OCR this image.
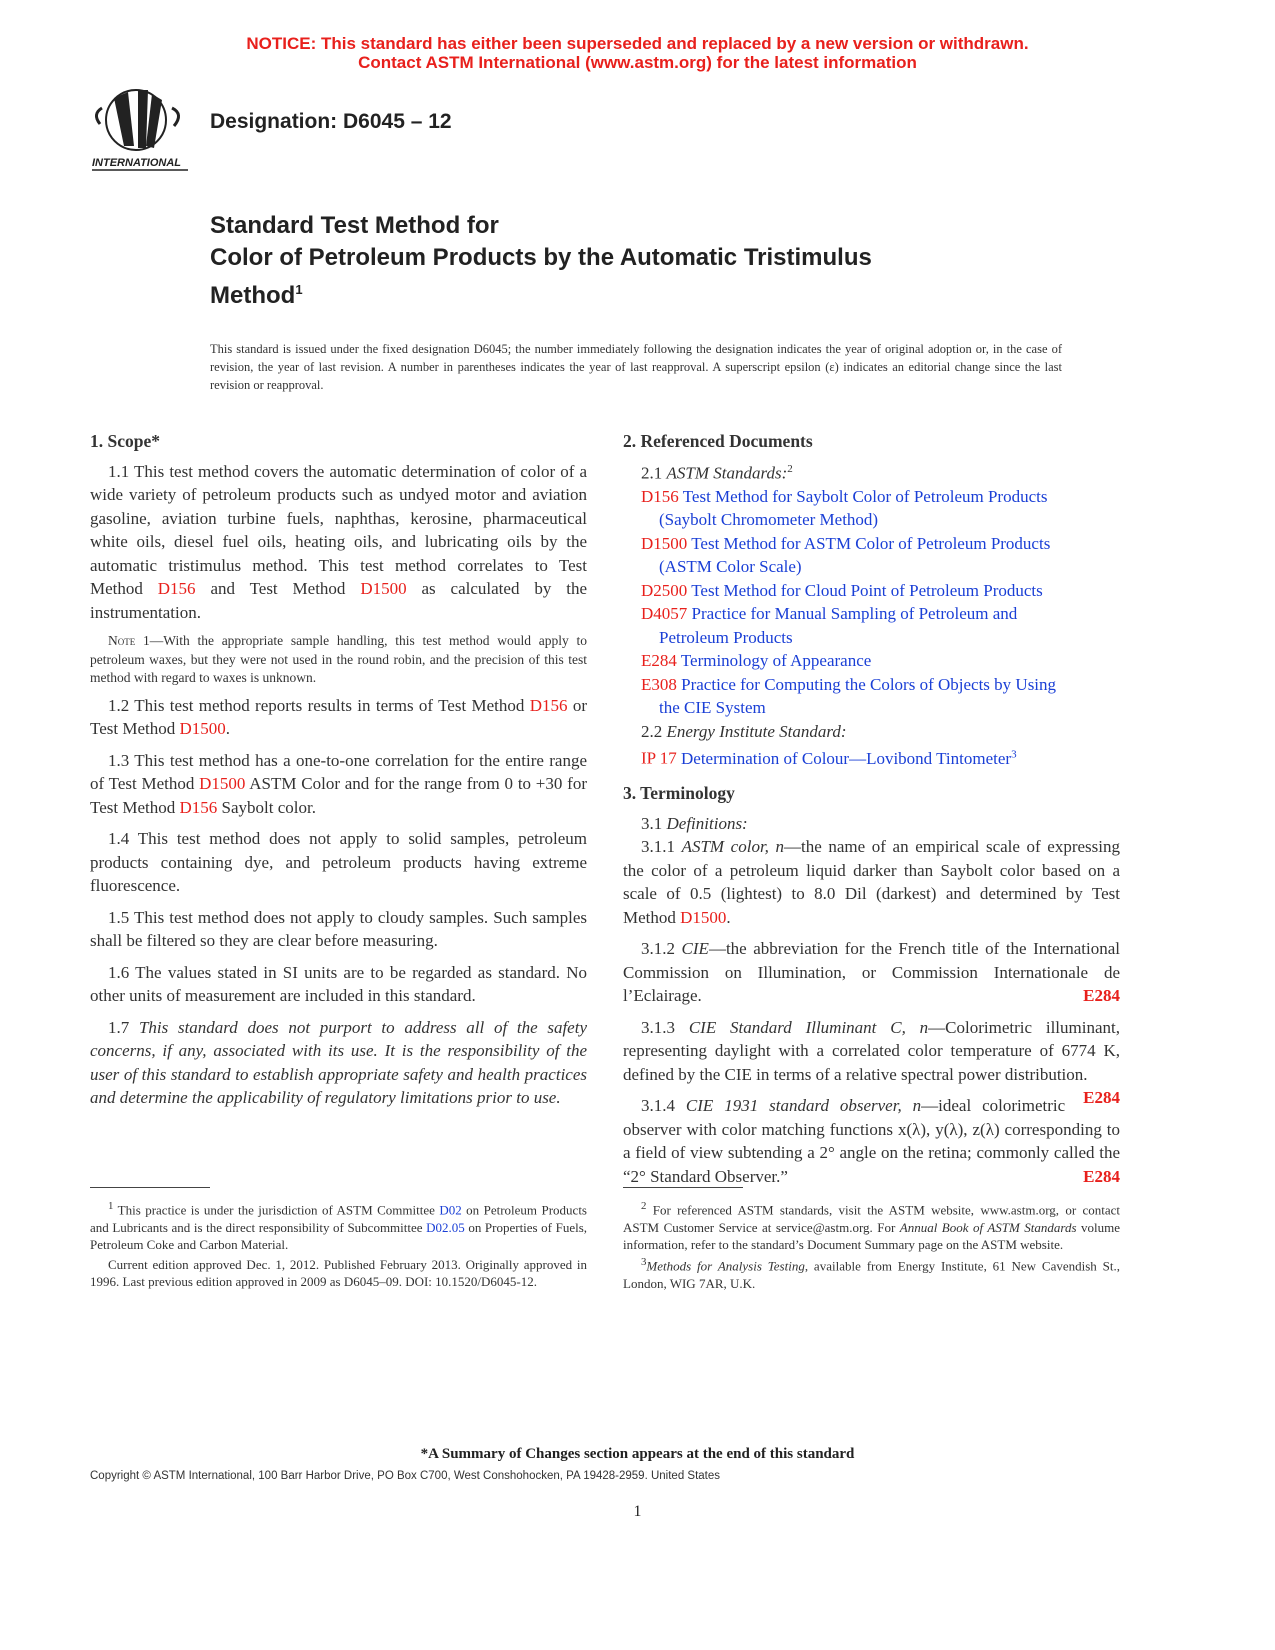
NOTICE: This standard has either been superseded and replaced by a new version or withdrawn.
Contact ASTM International (www.astm.org) for the latest information
INTERNATIONAL
Designation: D6045 – 12
Standard Test Method for
Color of Petroleum Products by the Automatic Tristimulus
Method$^1$
This standard is issued under the fixed designation D6045; the number immediately following the designation indicates the year of original adoption or, in the case of revision, the year of last revision. A number in parentheses indicates the year of last reapproval. A superscript epsilon (ε) indicates an editorial change since the last revision or reapproval.

1. Scope*

1.1 This test method covers the automatic determination of color of a wide variety of petroleum products such as undyed motor and aviation gasoline, aviation turbine fuels, naphthas, kerosine, pharmaceutical white oils, diesel fuel oils, heating oils, and lubricating oils by the automatic tristimulus method. This test method correlates to Test Method D156 and Test Method D1500 as calculated by the instrumentation.

Note 1—With the appropriate sample handling, this test method would apply to petroleum waxes, but they were not used in the round robin, and the precision of this test method with regard to waxes is unknown.

1.2 This test method reports results in terms of Test Method D156 or Test Method D1500.

1.3 This test method has a one-to-one correlation for the entire range of Test Method D1500 ASTM Color and for the range from 0 to +30 for Test Method D156 Saybolt color.

1.4 This test method does not apply to solid samples, petroleum products containing dye, and petroleum products having extreme fluorescence.

1.5 This test method does not apply to cloudy samples. Such samples shall be filtered so they are clear before measuring.

1.6 The values stated in SI units are to be regarded as standard. No other units of measurement are included in this standard.

1.7 This standard does not purport to address all of the safety concerns, if any, associated with its use. It is the responsibility of the user of this standard to establish appropriate safety and health practices and determine the applicability of regulatory limitations prior to use.

2. Referenced Documents

2.1 ASTM Standards:$^2$

D156 Test Method for Saybolt Color of Petroleum Products
(Saybolt Chromometer Method)

D1500 Test Method for ASTM Color of Petroleum Products
(ASTM Color Scale)

D2500 Test Method for Cloud Point of Petroleum Products

D4057 Practice for Manual Sampling of Petroleum and
Petroleum Products

E284 Terminology of Appearance

E308 Practice for Computing the Colors of Objects by Using
the CIE System

2.2 Energy Institute Standard:

IP 17 Determination of Colour—Lovibond Tintometer$^3$

3. Terminology

3.1 Definitions:

3.1.1 ASTM color, n—the name of an empirical scale of expressing the color of a petroleum liquid darker than Saybolt color based on a scale of 0.5 (lightest) to 8.0 Dil (darkest) and determined by Test Method D1500.

3.1.2 CIE—the abbreviation for the French title of the International Commission on Illumination, or Commission Internationale de l’Eclairage.	E284

3.1.3 CIE Standard Illuminant C, n—Colorimetric illuminant, representing daylight with a correlated color temperature of 6774 K, defined by the CIE in terms of a relative spectral power distribution.
E284

3.1.4 CIE 1931 standard observer, n—ideal colorimetric observer with color matching functions x(λ), y(λ), z(λ) corresponding to a field of view subtending a 2° angle on the retina; commonly called the “2° Standard Observer.”	E284

$^1$ This practice is under the jurisdiction of ASTM Committee D02 on Petroleum Products and Lubricants and is the direct responsibility of Subcommittee D02.05 on Properties of Fuels, Petroleum Coke and Carbon Material.
Current edition approved Dec. 1, 2012. Published February 2013. Originally approved in 1996. Last previous edition approved in 2009 as D6045–09. DOI: 10.1520/D6045-12.
$^2$ For referenced ASTM standards, visit the ASTM website, www.astm.org, or contact ASTM Customer Service at service@astm.org. For Annual Book of ASTM Standards volume information, refer to the standard’s Document Summary page on the ASTM website.
$^3$Methods for Analysis Testing, available from Energy Institute, 61 New Cavendish St., London, WIG 7AR, U.K.
*A Summary of Changes section appears at the end of this standard
Copyright © ASTM International, 100 Barr Harbor Drive, PO Box C700, West Conshohocken, PA 19428-2959. United States
1
